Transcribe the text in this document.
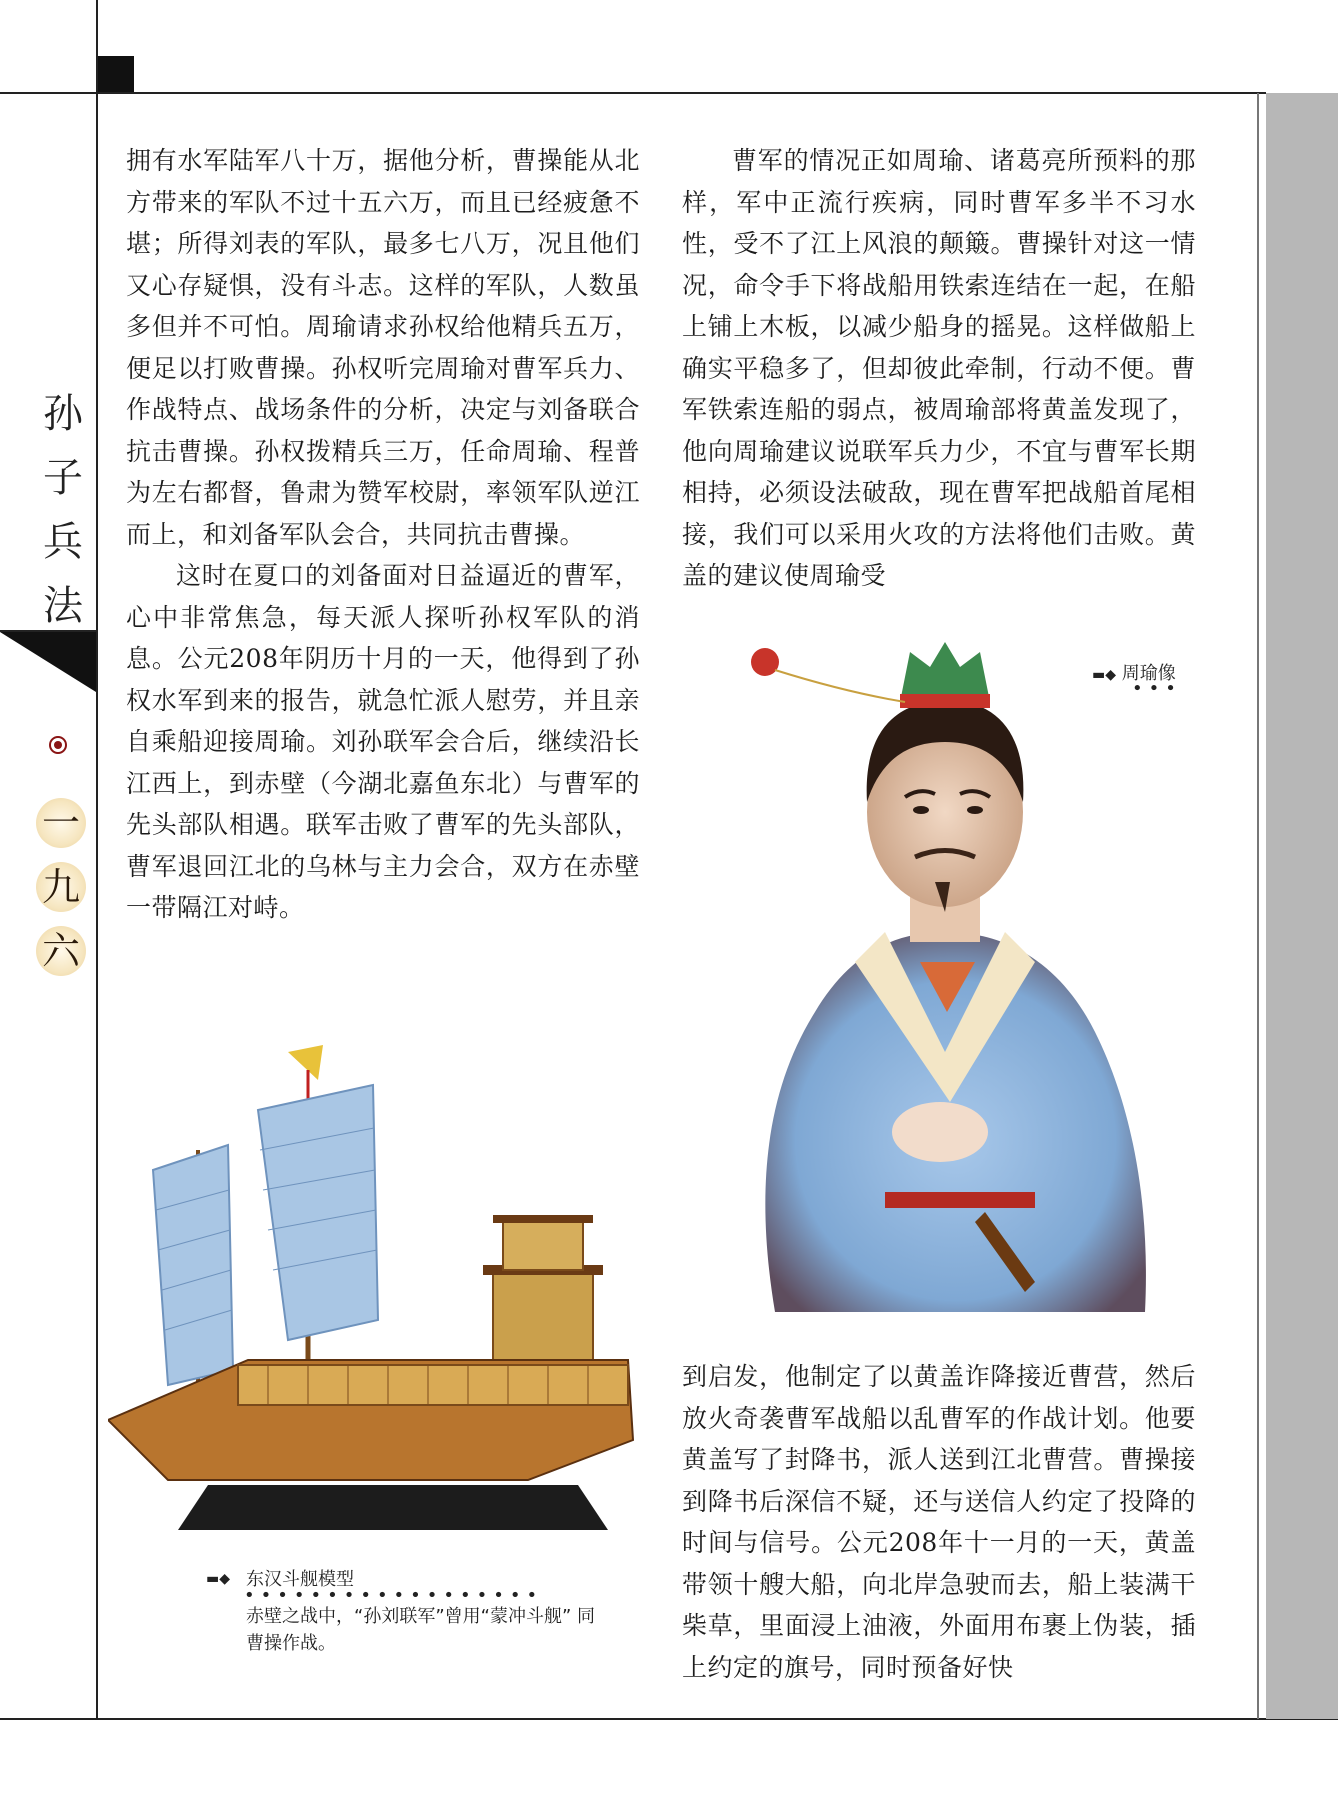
孙
子
兵
法
一
九
六

拥有水军陆军八十万，据他分析，曹操能从北方带来的军队不过十五六万，而且已经疲惫不堪；所得刘表的军队，最多七八万，况且他们又心存疑惧，没有斗志。这样的军队，人数虽多但并不可怕。周瑜请求孙权给他精兵五万，便足以打败曹操。孙权听完周瑜对曹军兵力、作战特点、战场条件的分析，决定与刘备联合抗击曹操。孙权拨精兵三万，任命周瑜、程普为左右都督，鲁肃为赞军校尉，率领军队逆江而上，和刘备军队会合，共同抗击曹操。

这时在夏口的刘备面对日益逼近的曹军，心中非常焦急，每天派人探听孙权军队的消息。公元208年阴历十月的一天，他得到了孙权水军到来的报告，就急忙派人慰劳，并且亲自乘船迎接周瑜。刘孙联军会合后，继续沿长江西上，到赤壁（今湖北嘉鱼东北）与曹军的先头部队相遇。联军击败了曹军的先头部队，曹军退回江北的乌林与主力会合，双方在赤壁一带隔江对峙。

曹军的情况正如周瑜、诸葛亮所预料的那样，军中正流行疾病，同时曹军多半不习水性，受不了江上风浪的颠簸。曹操针对这一情况，命令手下将战船用铁索连结在一起，在船上铺上木板，以减少船身的摇晃。这样做船上确实平稳多了，但却彼此牵制，行动不便。曹军铁索连船的弱点，被周瑜部将黄盖发现了，他向周瑜建议说联军兵力少，不宜与曹军长期相持，必须设法破敌，现在曹军把战船首尾相接，我们可以采用火攻的方法将他们击败。黄盖的建议使周瑜受

到启发，他制定了以黄盖诈降接近曹营，然后放火奇袭曹军战船以乱曹军的作战计划。他要黄盖写了封降书，派人送到江北曹营。曹操接到降书后深信不疑，还与送信人约定了投降的时间与信号。公元208年十一月的一天，黄盖带领十艘大船，向北岸急驶而去，船上装满干柴草，里面浸上油液，外面用布裹上伪装，插上约定的旗号，同时预备好快

▬◆ 周瑜像
•••
▬◆ 东汉斗舰模型
••••••••••••••••••
赤壁之战中，“孙刘联军”曾用“蒙冲斗舰” 同曹操作战。
